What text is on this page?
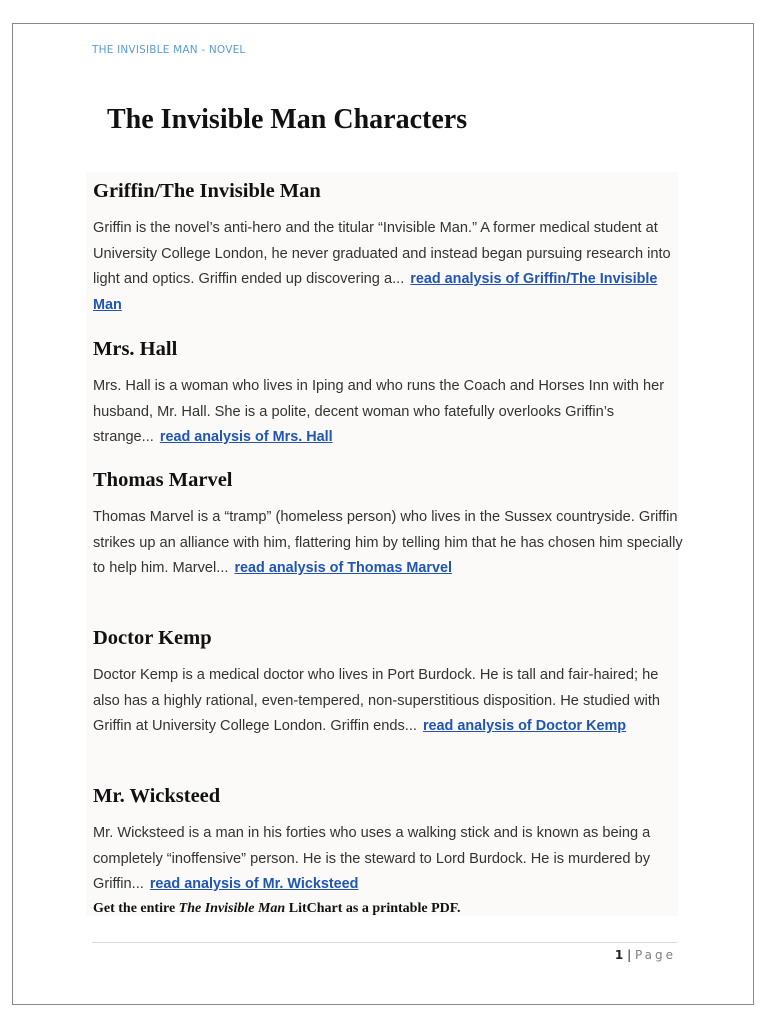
THE INVISIBLE MAN - NOVEL
The Invisible Man Characters
Griffin/The Invisible Man

Griffin is the novel’s anti-hero and the titular “Invisible Man.” A former medical student at University College London, he never graduated and instead began pursuing research into light and optics. Griffin ended up discovering a... read analysis of Griffin/The Invisible Man

Mrs. Hall

Mrs. Hall is a woman who lives in Iping and who runs the Coach and Horses Inn with her husband, Mr. Hall. She is a polite, decent woman who fatefully overlooks Griffin’s strange... read analysis of Mrs. Hall

Thomas Marvel

Thomas Marvel is a “tramp” (homeless person) who lives in the Sussex countryside. Griffin strikes up an alliance with him, flattering him by telling him that he has chosen him specially to help him. Marvel... read analysis of Thomas Marvel

Doctor Kemp

Doctor Kemp is a medical doctor who lives in Port Burdock. He is tall and fair-haired; he also has a highly rational, even-tempered, non-superstitious disposition. He studied with Griffin at University College London. Griffin ends... read analysis of Doctor Kemp

Mr. Wicksteed

Mr. Wicksteed is a man in his forties who uses a walking stick and is known as being a completely “inoffensive” person. He is the steward to Lord Burdock. He is murdered by Griffin... read analysis of Mr. Wicksteed

Get the entire The Invisible Man LitChart as a printable PDF.
1 | Page
